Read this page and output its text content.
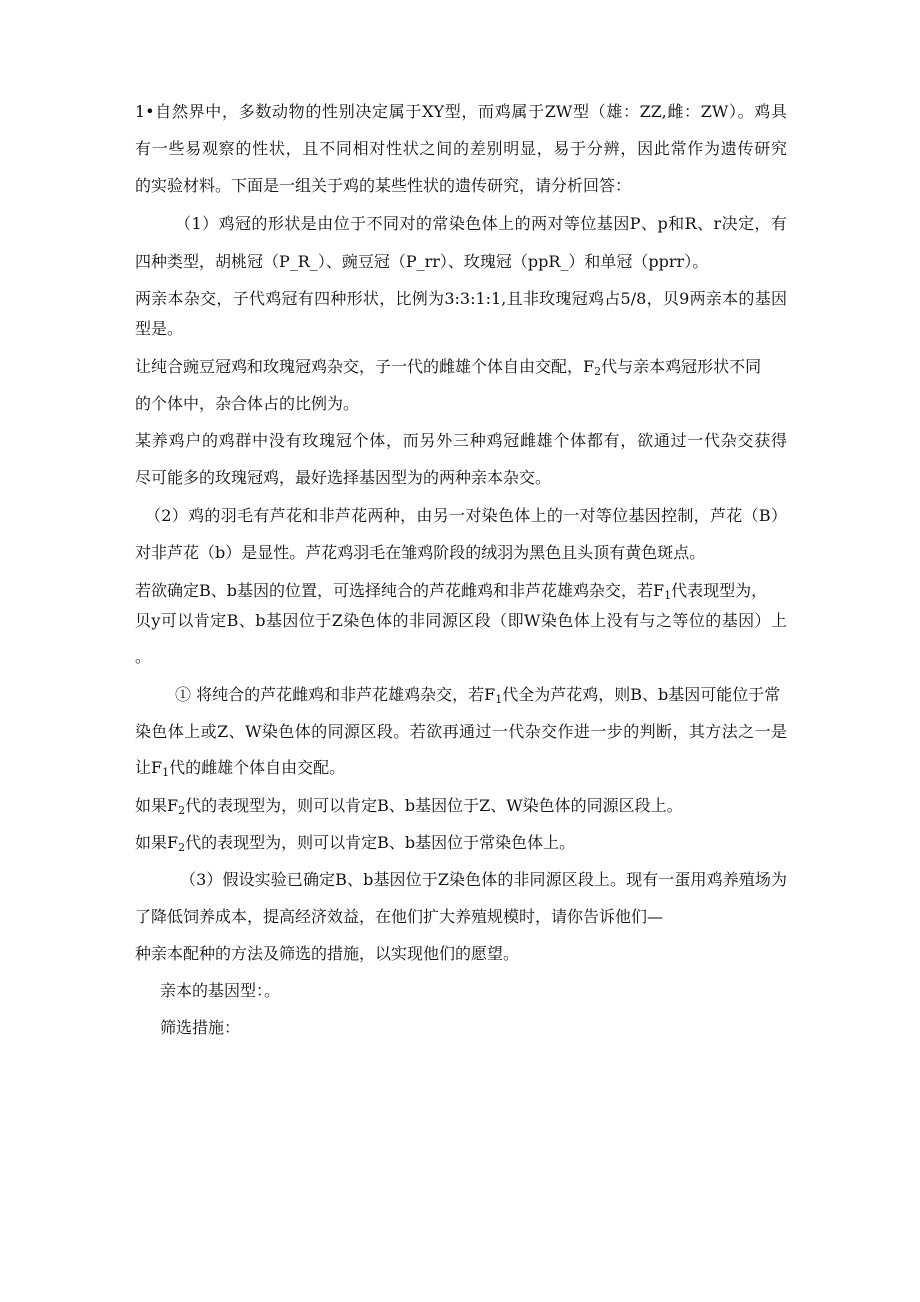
1•自然界中，多数动物的性别决定属于XY型，而鸡属于ZW型（雄：ZZ,雌：ZW）。鸡具
有一些易观察的性状，且不同相对性状之间的差别明显，易于分辨，因此常作为遗传研究
的实验材料。下面是一组关于鸡的某些性状的遗传研究，请分析回答：
（1）鸡冠的形状是由位于不同对的常染色体上的两对等位基因P、p和R、r决定，有
四种类型，胡桃冠（P_R_）、豌豆冠（P_rr）、玫瑰冠（ppR_）和单冠（pprr）。
两亲本杂交，子代鸡冠有四种形状，比例为3:3:1:1,且非玫瑰冠鸡占5/8，贝9两亲本的基因
型是。
让纯合豌豆冠鸡和玫瑰冠鸡杂交，子一代的雌雄个体自由交配，$F_2$代与亲本鸡冠形状不同
的个体中，杂合体占的比例为。
某养鸡户的鸡群中没有玫瑰冠个体，而另外三种鸡冠雌雄个体都有，欲通过一代杂交获得
尽可能多的玫瑰冠鸡，最好选择基因型为的两种亲本杂交。
（2）鸡的羽毛有芦花和非芦花两种，由另一对染色体上的一对等位基因控制，芦花（B）
对非芦花（b）是显性。芦花鸡羽毛在雏鸡阶段的绒羽为黑色且头顶有黄色斑点。
若欲确定B、b基因的位置，可选择纯合的芦花雌鸡和非芦花雄鸡杂交，若$F_1$代表现型为，
贝y可以肯定B、b基因位于Z染色体的非同源区段（即W染色体上没有与之等位的基因）上
。
① 将纯合的芦花雌鸡和非芦花雄鸡杂交，若$F_1$代全为芦花鸡，则B、b基因可能位于常
染色体上或Z、W染色体的同源区段。若欲再通过一代杂交作进一步的判断，其方法之一是
让$F_1$代的雌雄个体自由交配。
如果$F_2$代的表现型为，则可以肯定B、b基因位于Z、W染色体的同源区段上。
如果$F_2$代的表现型为，则可以肯定B、b基因位于常染色体上。
（3）假设实验已确定B、b基因位于Z染色体的非同源区段上。现有一蛋用鸡养殖场为
了降低饲养成本，提高经济效益，在他们扩大养殖规模时，请你告诉他们—
种亲本配种的方法及筛选的措施，以实现他们的愿望。
亲本的基因型：。
筛选措施：
